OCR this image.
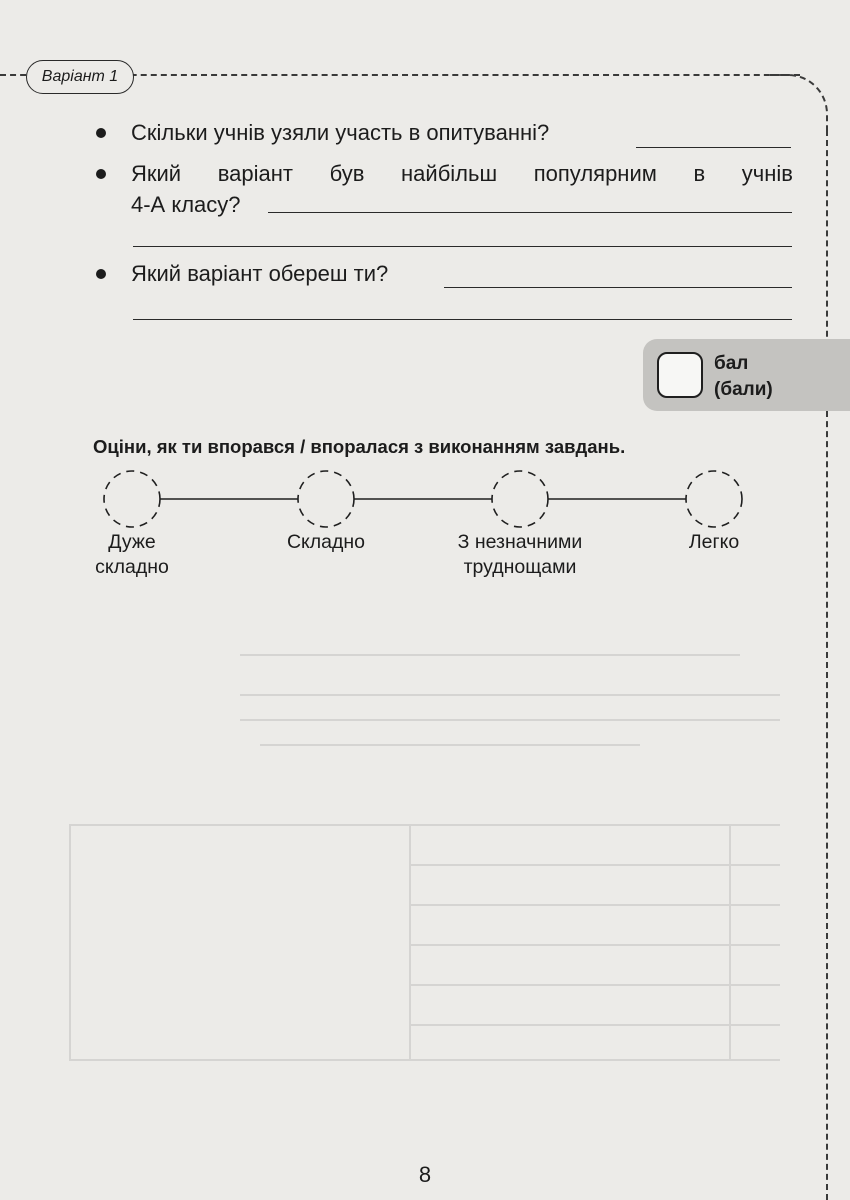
Варіант 1
Скільки учнів узяли участь в опитуванні?
Який варіант був найбільш популярним в учнів
4-А класу?
Який варіант обереш ти?
бал
(бали)
Оціни, як ти впорався / впоралася з виконанням завдань.
Дуже
складно
Складно	З незначними
труднощами
Легко
8
